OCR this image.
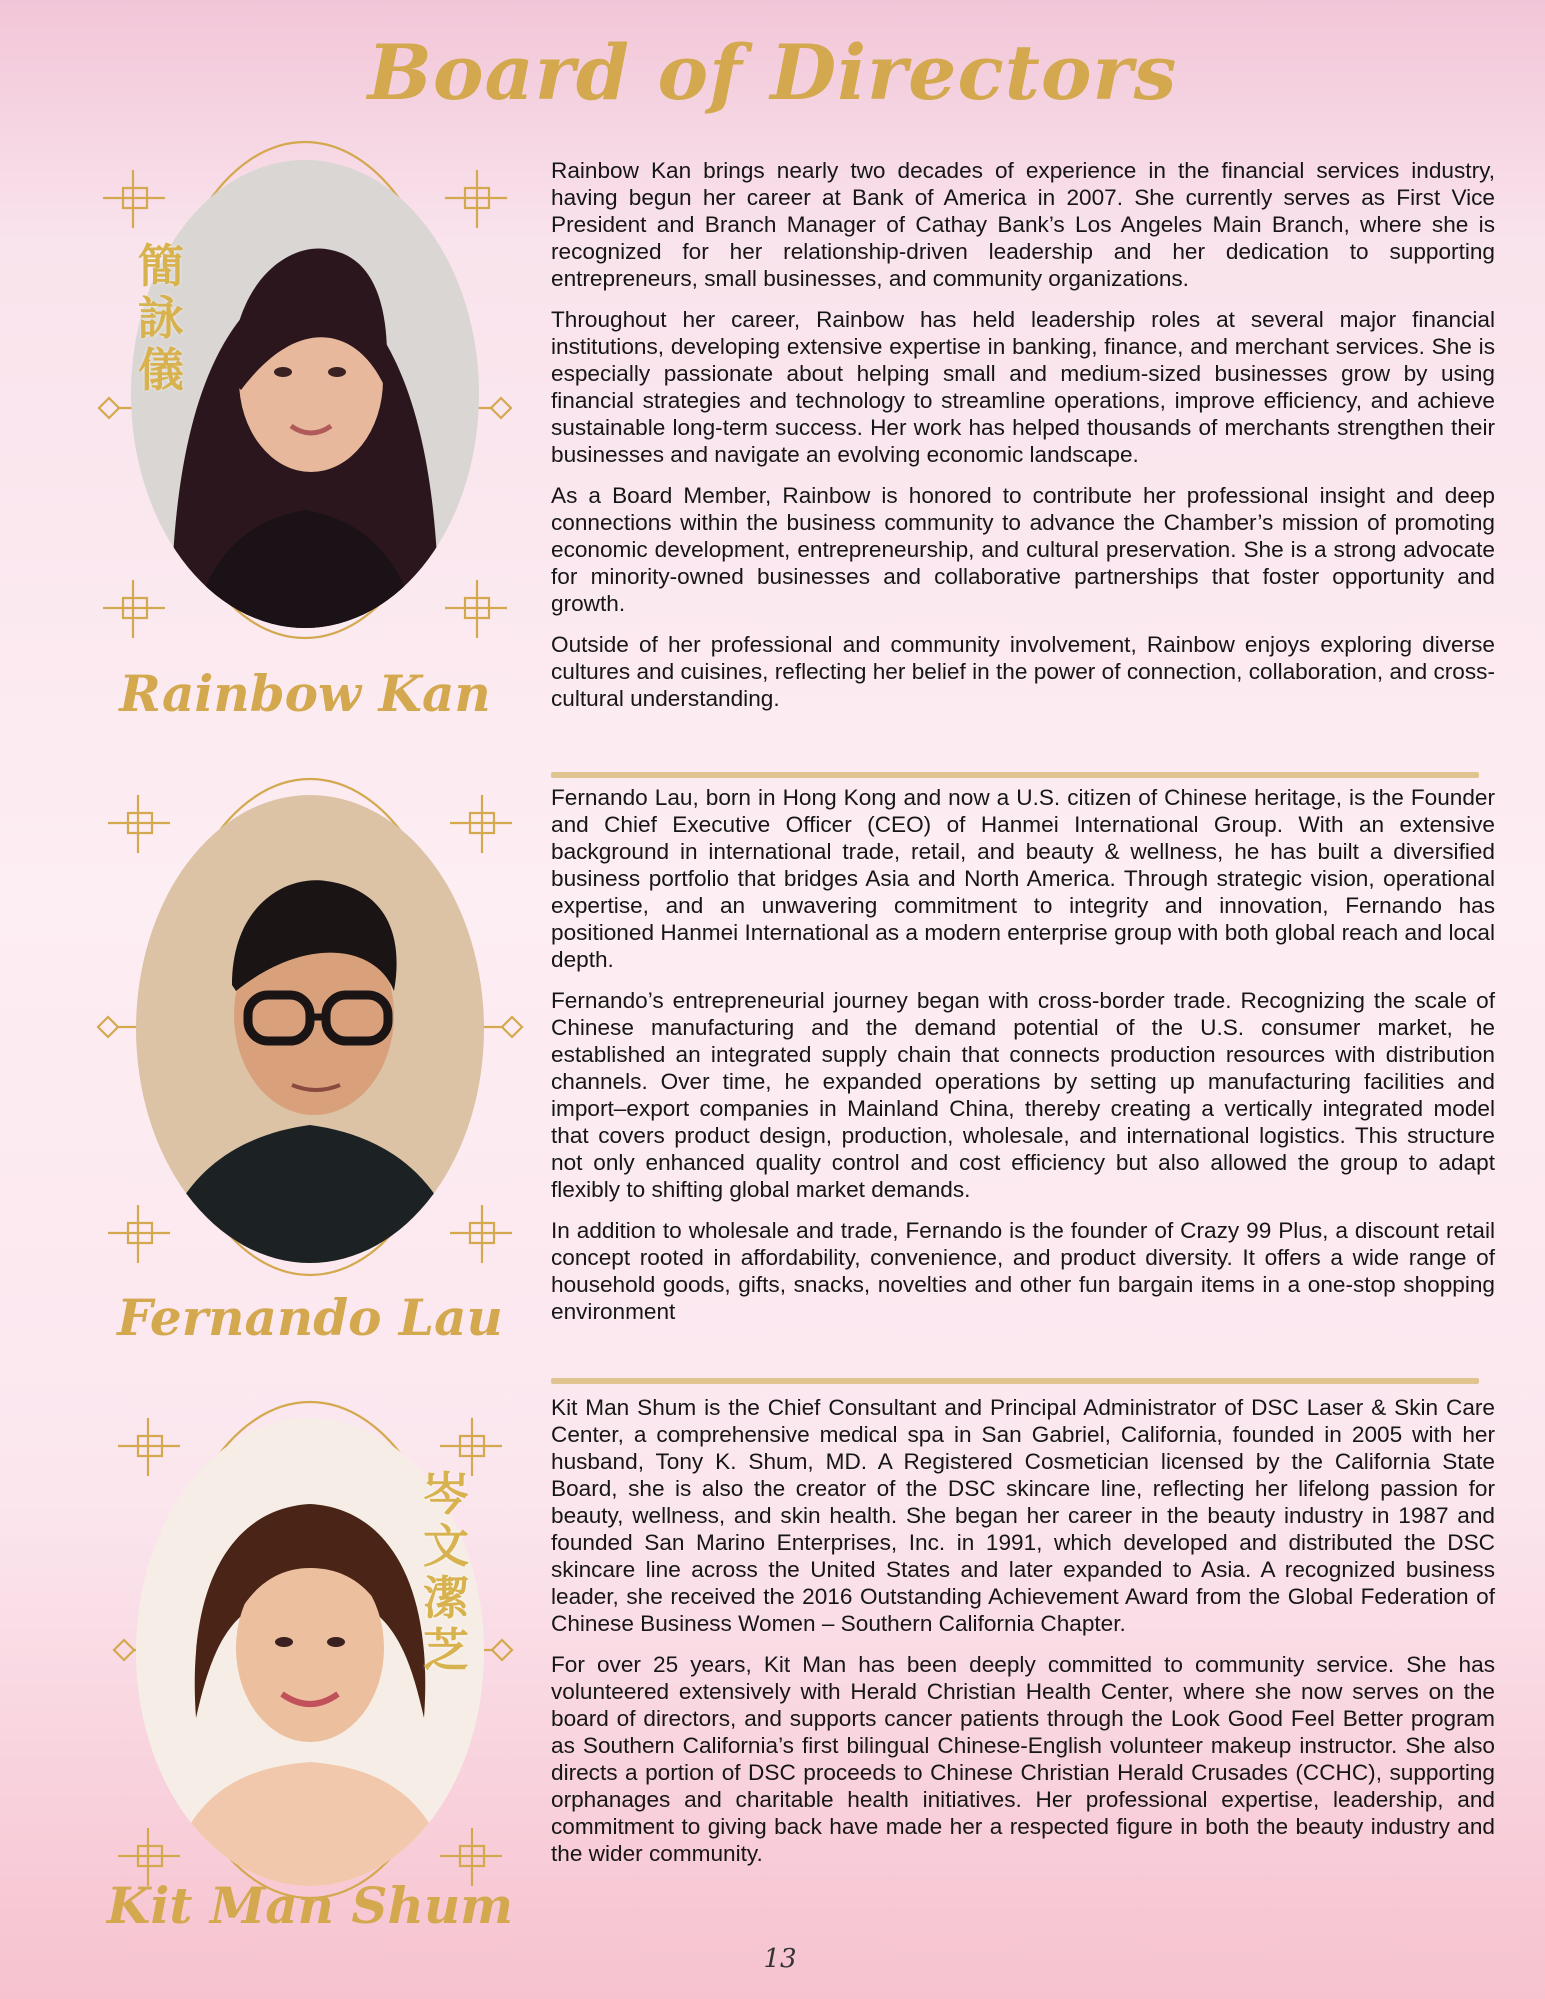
Board of Directors
簡
詠
儀
Rainbow Kan

Rainbow Kan brings nearly two decades of experience in the financial services industry, having begun her career at Bank of America in 2007. She currently serves as First Vice President and Branch Manager of Cathay Bank’s Los Angeles Main Branch, where she is recognized for her relationship-driven leadership and her dedication to supporting entrepreneurs, small businesses, and community organizations.

Throughout her career, Rainbow has held leadership roles at several major financial institutions, developing extensive expertise in banking, finance, and merchant services. She is especially passionate about helping small and medium-sized businesses grow by using financial strategies and technology to streamline operations, improve efficiency, and achieve sustainable long-term success. Her work has helped thousands of merchants strengthen their businesses and navigate an evolving economic landscape.

As a Board Member, Rainbow is honored to contribute her professional insight and deep connections within the business community to advance the Chamber’s mission of promoting economic development, entrepreneurship, and cultural preservation. She is a strong advocate for minority-owned businesses and collaborative partnerships that foster opportunity and growth.

Outside of her professional and community involvement, Rainbow enjoys exploring diverse cultures and cuisines, reflecting her belief in the power of connection, collaboration, and cross-cultural understanding.

Fernando Lau

Fernando Lau, born in Hong Kong and now a U.S. citizen of Chinese heritage, is the Founder and Chief Executive Officer (CEO) of Hanmei International Group. With an extensive background in international trade, retail, and beauty & wellness, he has built a diversified business portfolio that bridges Asia and North America. Through strategic vision, operational expertise, and an unwavering commitment to integrity and innovation, Fernando has positioned Hanmei International as a modern enterprise group with both global reach and local depth.

Fernando’s entrepreneurial journey began with cross-border trade. Recognizing the scale of Chinese manufacturing and the demand potential of the U.S. consumer market, he established an integrated supply chain that connects production resources with distribution channels. Over time, he expanded operations by setting up manufacturing facilities and import–export companies in Mainland China, thereby creating a vertically integrated model that covers product design, production, wholesale, and international logistics. This structure not only enhanced quality control and cost efficiency but also allowed the group to adapt flexibly to shifting global market demands.

In addition to wholesale and trade, Fernando is the founder of Crazy 99 Plus, a discount retail concept rooted in affordability, convenience, and product diversity. It offers a wide range of household goods, gifts, snacks, novelties and other fun bargain items in a one-stop shopping environment

岑
文
潔
芝
Kit Man Shum

Kit Man Shum is the Chief Consultant and Principal Administrator of DSC Laser & Skin Care Center, a comprehensive medical spa in San Gabriel, California, founded in 2005 with her husband, Tony K. Shum, MD. A Registered Cosmetician licensed by the California State Board, she is also the creator of the DSC skincare line, reflecting her lifelong passion for beauty, wellness, and skin health. She began her career in the beauty industry in 1987 and founded San Marino Enterprises, Inc. in 1991, which developed and distributed the DSC skincare line across the United States and later expanded to Asia. A recognized business leader, she received the 2016 Outstanding Achievement Award from the Global Federation of Chinese Business Women – Southern California Chapter.

For over 25 years, Kit Man has been deeply committed to community service. She has volunteered extensively with Herald Christian Health Center, where she now serves on the board of directors, and supports cancer patients through the Look Good Feel Better program as Southern California’s first bilingual Chinese-English volunteer makeup instructor. She also directs a portion of DSC proceeds to Chinese Christian Herald Crusades (CCHC), supporting orphanages and charitable health initiatives. Her professional expertise, leadership, and commitment to giving back have made her a respected figure in both the beauty industry and the wider community.

13
